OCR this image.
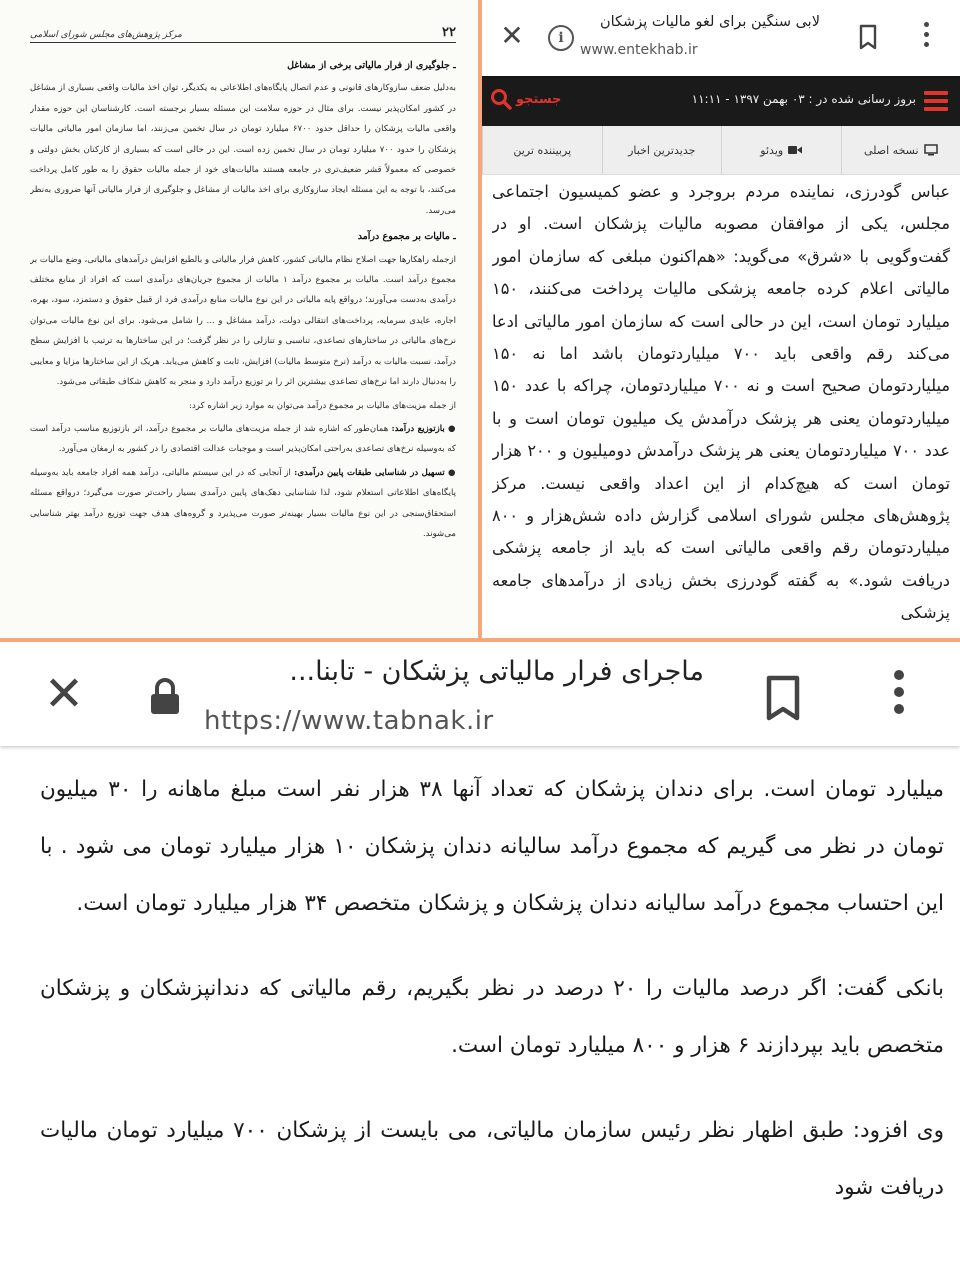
مرکز پژوهش‌های مجلس شورای اسلامی	۲۲

ـ جلوگیری از فرار مالیاتی برخی از مشاغل

به‌دلیل ضعف سازوکارهای قانونی و عدم اتصال پایگاه‌های اطلاعاتی به یکدیگر، توان اخذ مالیات واقعی بسیاری از مشاغل در کشور امکان‌پذیر نیست. برای مثال در حوزه سلامت این مسئله بسیار برجسته است. کارشناسان این حوزه مقدار واقعی مالیات پزشکان را حداقل حدود ۶۷۰۰ میلیارد تومان در سال تخمین می‌زنند، اما سازمان امور مالیاتی مالیات پزشکان را حدود ۷۰۰ میلیارد تومان در سال تخمین زده است. این در حالی است که بسیاری از کارکنان بخش دولتی و خصوصی که معمولاً قشر ضعیف‌تری در جامعه هستند مالیات‌های خود از جمله مالیات حقوق را به طور کامل پرداخت می‌کنند، با توجه به این مسئله ایجاد سازوکاری برای اخذ مالیات از مشاغل و جلوگیری از فرار مالیاتی آنها ضروری به‌نظر می‌رسد.

ـ مالیات بر مجموع درآمد

ازجمله راهکارها جهت اصلاح نظام مالیاتی کشور، کاهش فرار مالیاتی و بالطبع افزایش درآمدهای مالیاتی، وضع مالیات بر مجموع درآمد است. مالیات بر مجموع درآمد ۱ مالیات از مجموع جریان‌های درآمدی است که افراد از منابع مختلف درآمدی به‌دست می‌آورند؛ درواقع پایه مالیاتی در این نوع مالیات منابع درآمدی فرد از قبیل حقوق و دستمزد، سود، بهره، اجاره، عایدی سرمایه، پرداخت‌های انتقالی دولت، درآمد مشاغل و ... را شامل می‌شود. برای این نوع مالیات می‌توان نرخ‌های مالیاتی در ساختارهای تصاعدی، تناسبی و تنازلی را در نظر گرفت؛ در این ساختارها به ترتیب با افزایش سطح درآمد، نسبت مالیات به درآمد (نرخ متوسط مالیات) افزایش، ثابت و کاهش می‌یابد. هریک از این ساختارها مزایا و معایبی را به‌دنبال دارند اما نرخ‌های تصاعدی بیشترین اثر را بر توزیع درآمد دارد و منجر به کاهش شکاف طبقاتی می‌شود.

از جمله مزیت‌های مالیات بر مجموع درآمد می‌توان به موارد زیر اشاره کرد:

● بازتوزیع درآمد: همان‌طور که اشاره شد از جمله مزیت‌های مالیات بر مجموع درآمد، اثر بازتوزیع مناسب درآمد است که به‌وسیله نرخ‌های تصاعدی به‌راحتی امکان‌پذیر است و موجبات عدالت اقتصادی را در کشور به ارمغان می‌آورد.

● تسهیل در شناسایی طبقات پایین درآمدی: از آنجایی که در این سیستم مالیاتی، درآمد همه افراد جامعه باید به‌وسیله پایگاه‌های اطلاعاتی استعلام شود، لذا شناسایی دهک‌های پایین درآمدی بسیار راحت‌تر صورت می‌گیرد؛ درواقع مسئله استحقاق‌سنجی در این نوع مالیات بسیار بهینه‌تر صورت می‌پذیرد و گروه‌های هدف جهت توزیع درآمد بهتر شناسایی می‌شوند.

✕	i
لابی سنگین برای لغو مالیات پزشکان
www.entekhab.ir
بروز رسانی شده در : ۰۳ بهمن ۱۳۹۷ - ۱۱:۱۱
جستجو
نسخه اصلی
ویدئو
جدیدترین اخبار
پربیننده ترین

عباس گودرزی، نماینده مردم بروجرد و عضو کمیسیون اجتماعی مجلس، یکی از موافقان مصوبه مالیات پزشکان است. او در گفت‌وگویی با «شرق» می‌گوید: «هم‌اکنون مبلغی که سازمان امور مالیاتی اعلام کرده جامعه پزشکی مالیات پرداخت می‌کنند، ۱۵۰ میلیارد تومان است، این در حالی است که سازمان امور مالیاتی ادعا می‌کند رقم واقعی باید ۷۰۰ میلیاردتومان باشد اما نه ۱۵۰ میلیاردتومان صحیح است و نه ۷۰۰ میلیاردتومان، چراکه با عدد ۱۵۰ میلیاردتومان یعنی هر پزشک درآمدش یک میلیون تومان است و با عدد ۷۰۰ میلیاردتومان یعنی هر پزشک درآمدش دومیلیون و ۲۰۰ هزار تومان است که هیچ‌کدام از این اعداد واقعی نیست. مرکز پژوهش‌های مجلس شورای اسلامی گزارش داده شش‌هزار و ۸۰۰ میلیاردتومان رقم واقعی مالیاتی است که باید از جامعه پزشکی دریافت شود.» به گفته گودرزی بخش زیادی از درآمدهای جامعه پزشکی

✕	ماجرای فرار مالیاتی پزشکان - تابنا...
https://www.tabnak.ir

میلیارد تومان است. برای دندان پزشکان که تعداد آنها ۳۸ هزار نفر است مبلغ ماهانه را ۳۰ میلیون تومان در نظر می گیریم که مجموع درآمد سالیانه دندان پزشکان ۱۰ هزار میلیارد تومان می شود . با این احتساب مجموع درآمد سالیانه دندان پزشکان و پزشکان متخصص ۳۴ هزار میلیارد تومان است.

بانکی گفت: اگر درصد مالیات را ۲۰ درصد در نظر بگیریم، رقم مالیاتی که دندانپزشکان و پزشکان متخصص باید بپردازند ۶ هزار و ۸۰۰ میلیارد تومان است.

وی افزود: طبق اظهار نظر رئیس سازمان مالیاتی، می بایست از پزشکان ۷۰۰ میلیارد تومان مالیات دریافت شود
